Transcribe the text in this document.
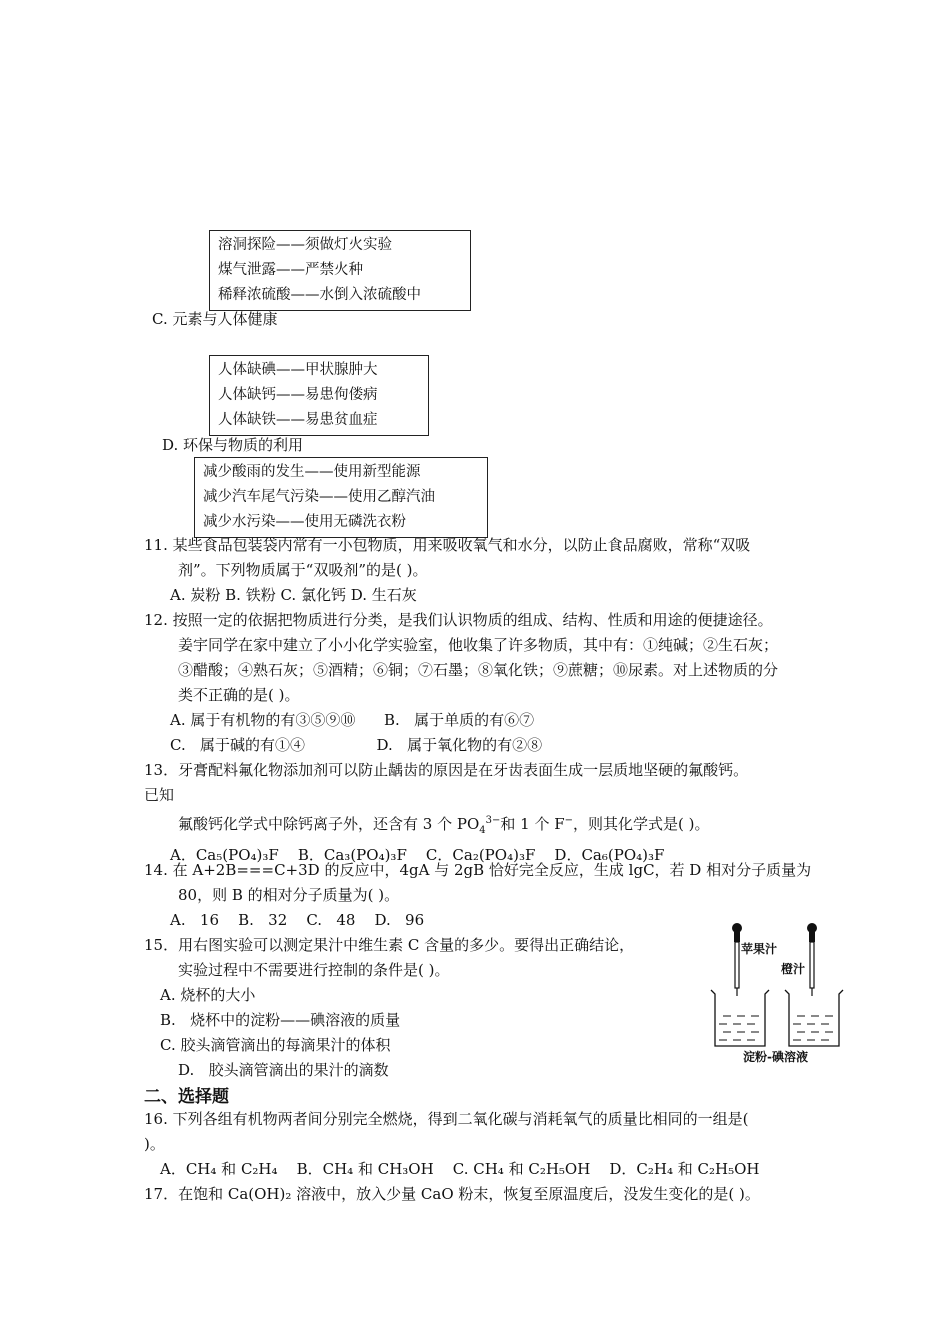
溶洞探险——须做灯火实验
煤气泄露——严禁火种
稀释浓硫酸——水倒入浓硫酸中
C. 元素与人体健康
人体缺碘——甲状腺肿大
人体缺钙——易患佝偻病
人体缺铁——易患贫血症
D. 环保与物质的利用
减少酸雨的发生——使用新型能源
减少汽车尾气污染——使用乙醇汽油
减少水污染——使用无磷洗衣粉
11. 某些食品包装袋内常有一小包物质，用来吸收氧气和水分，以防止食品腐败，常称“双吸
剂”。下列物质属于“双吸剂”的是( )。
A. 炭粉 B. 铁粉 C. 氯化钙 D. 生石灰
12. 按照一定的依据把物质进行分类，是我们认识物质的组成、结构、性质和用途的便捷途径。
姜宇同学在家中建立了小小化学实验室，他收集了许多物质，其中有：①纯碱；②生石灰；
③醋酸；④熟石灰；⑤酒精；⑥铜；⑦石墨；⑧氧化铁；⑨蔗糖；⑩尿素。对上述物质的分
类不正确的是( )。
A. 属于有机物的有③⑤⑨⑩      B.   属于单质的有⑥⑦
C.   属于碱的有①④               D.   属于氧化物的有②⑧
13．牙膏配料氟化物添加剂可以防止龋齿的原因是在牙齿表面生成一层质地坚硬的氟酸钙。
已知
氟酸钙化学式中除钙离子外，还含有 3 个 $PO_4^{3-}$和 1 个 F−，则其化学式是( )。
A．Ca₅(PO₄)₃F    B．Ca₃(PO₄)₃F    C．Ca₂(PO₄)₃F    D．Ca₆(PO₄)₃F
14. 在 A+2B===C+3D 的反应中，4gA 与 2gB 恰好完全反应，生成 lgC，若 D 相对分子质量为
80，则 B 的相对分子质量为( )。
A.   16    B.   32    C.   48    D.   96
15．用右图实验可以测定果汁中维生素 C 含量的多少。要得出正确结论，
实验过程中不需要进行控制的条件是( )。
A. 烧杯的大小
B.   烧杯中的淀粉——碘溶液的质量
C. 胶头滴管滴出的每滴果汁的体积
D.   胶头滴管滴出的果汁的滴数
苹果汁
橙汁
淀粉-碘溶液
二、选择题
16. 下列各组有机物两者间分别完全燃烧，得到二氧化碳与消耗氧气的质量比相同的一组是(
)。
A．CH₄ 和 C₂H₄    B．CH₄ 和 CH₃OH    C. CH₄ 和 C₂H₅OH    D．C₂H₄ 和 C₂H₅OH
17．在饱和 Ca(OH)₂ 溶液中，放入少量 CaO 粉末，恢复至原温度后，没发生变化的是( )。
